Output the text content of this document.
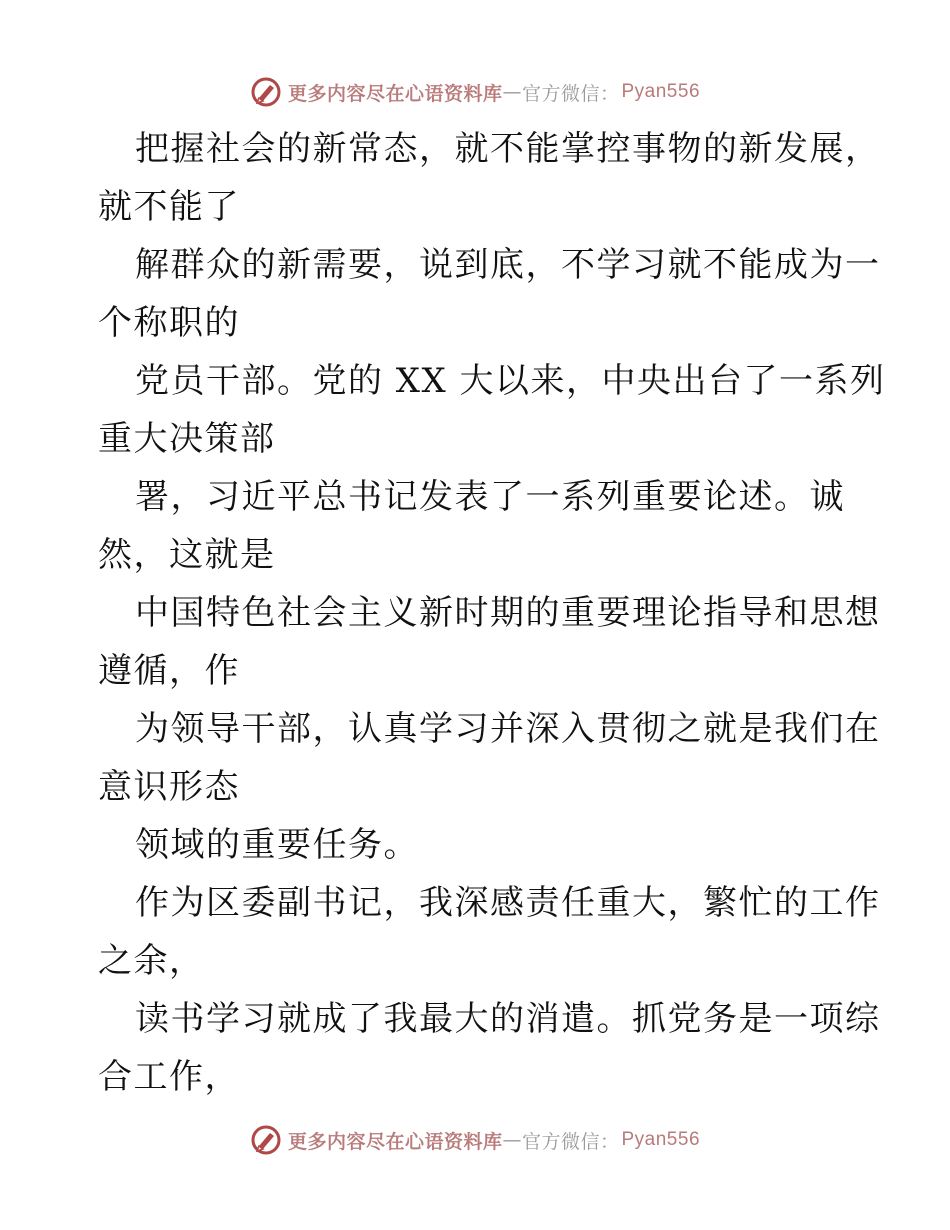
更多内容尽在心语资料库 — 官方微信： Pyan556
把握社会的新常态，就不能掌控事物的新发展，
就不能了
解群众的新需要，说到底，不学习就不能成为一
个称职的
党员干部。党的 XX 大以来，中央出台了一系列
重大决策部
署，习近平总书记发表了一系列重要论述。诚
然，这就是
中国特色社会主义新时期的重要理论指导和思想
遵循，作
为领导干部，认真学习并深入贯彻之就是我们在
意识形态
领域的重要任务。
作为区委副书记，我深感责任重大，繁忙的工作
之余，
读书学习就成了我最大的消遣。抓党务是一项综
合工作，
更多内容尽在心语资料库 — 官方微信： Pyan556
